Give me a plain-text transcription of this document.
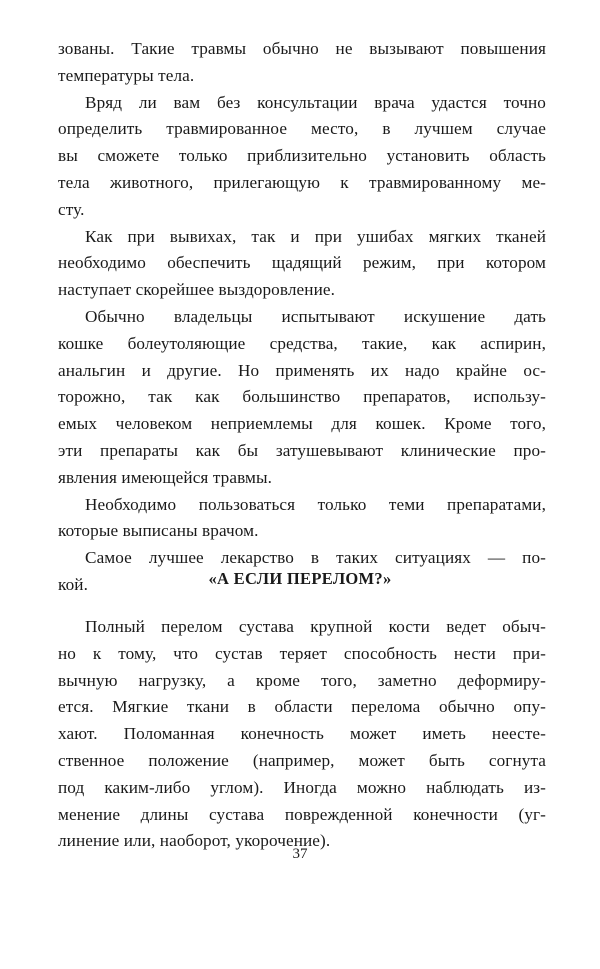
зованы. Такие травмы обычно не вызывают повышения
температуры тела.
Вряд ли вам без консультации врача удастся точно
определить травмированное место, в лучшем случае
вы сможете только приблизительно установить область
тела животного, прилегающую к травмированному ме-
сту.
Как при вывихах, так и при ушибах мягких тканей
необходимо обеспечить щадящий режим, при котором
наступает скорейшее выздоровление.
Обычно владельцы испытывают искушение дать
кошке болеутоляющие средства, такие, как аспирин,
анальгин и другие. Но применять их надо крайне ос-
торожно, так как большинство препаратов, использу-
емых человеком неприемлемы для кошек. Кроме того,
эти препараты как бы затушевывают клинические про-
явления имеющейся травмы.
Необходимо пользоваться только теми препаратами,
которые выписаны врачом.
Самое лучшее лекарство в таких ситуациях — по-
кой.	«А ЕСЛИ ПЕРЕЛОМ?»
Полный перелом сустава крупной кости ведет обыч-
но к тому, что сустав теряет способность нести при-
вычную нагрузку, а кроме того, заметно деформиру-
ется. Мягкие ткани в области перелома обычно опу-
хают. Поломанная конечность может иметь неесте-
ственное положение (например, может быть согнута
под каким-либо углом). Иногда можно наблюдать из-
менение длины сустава поврежденной конечности (уг-
линение или, наоборот, укорочение).
37
